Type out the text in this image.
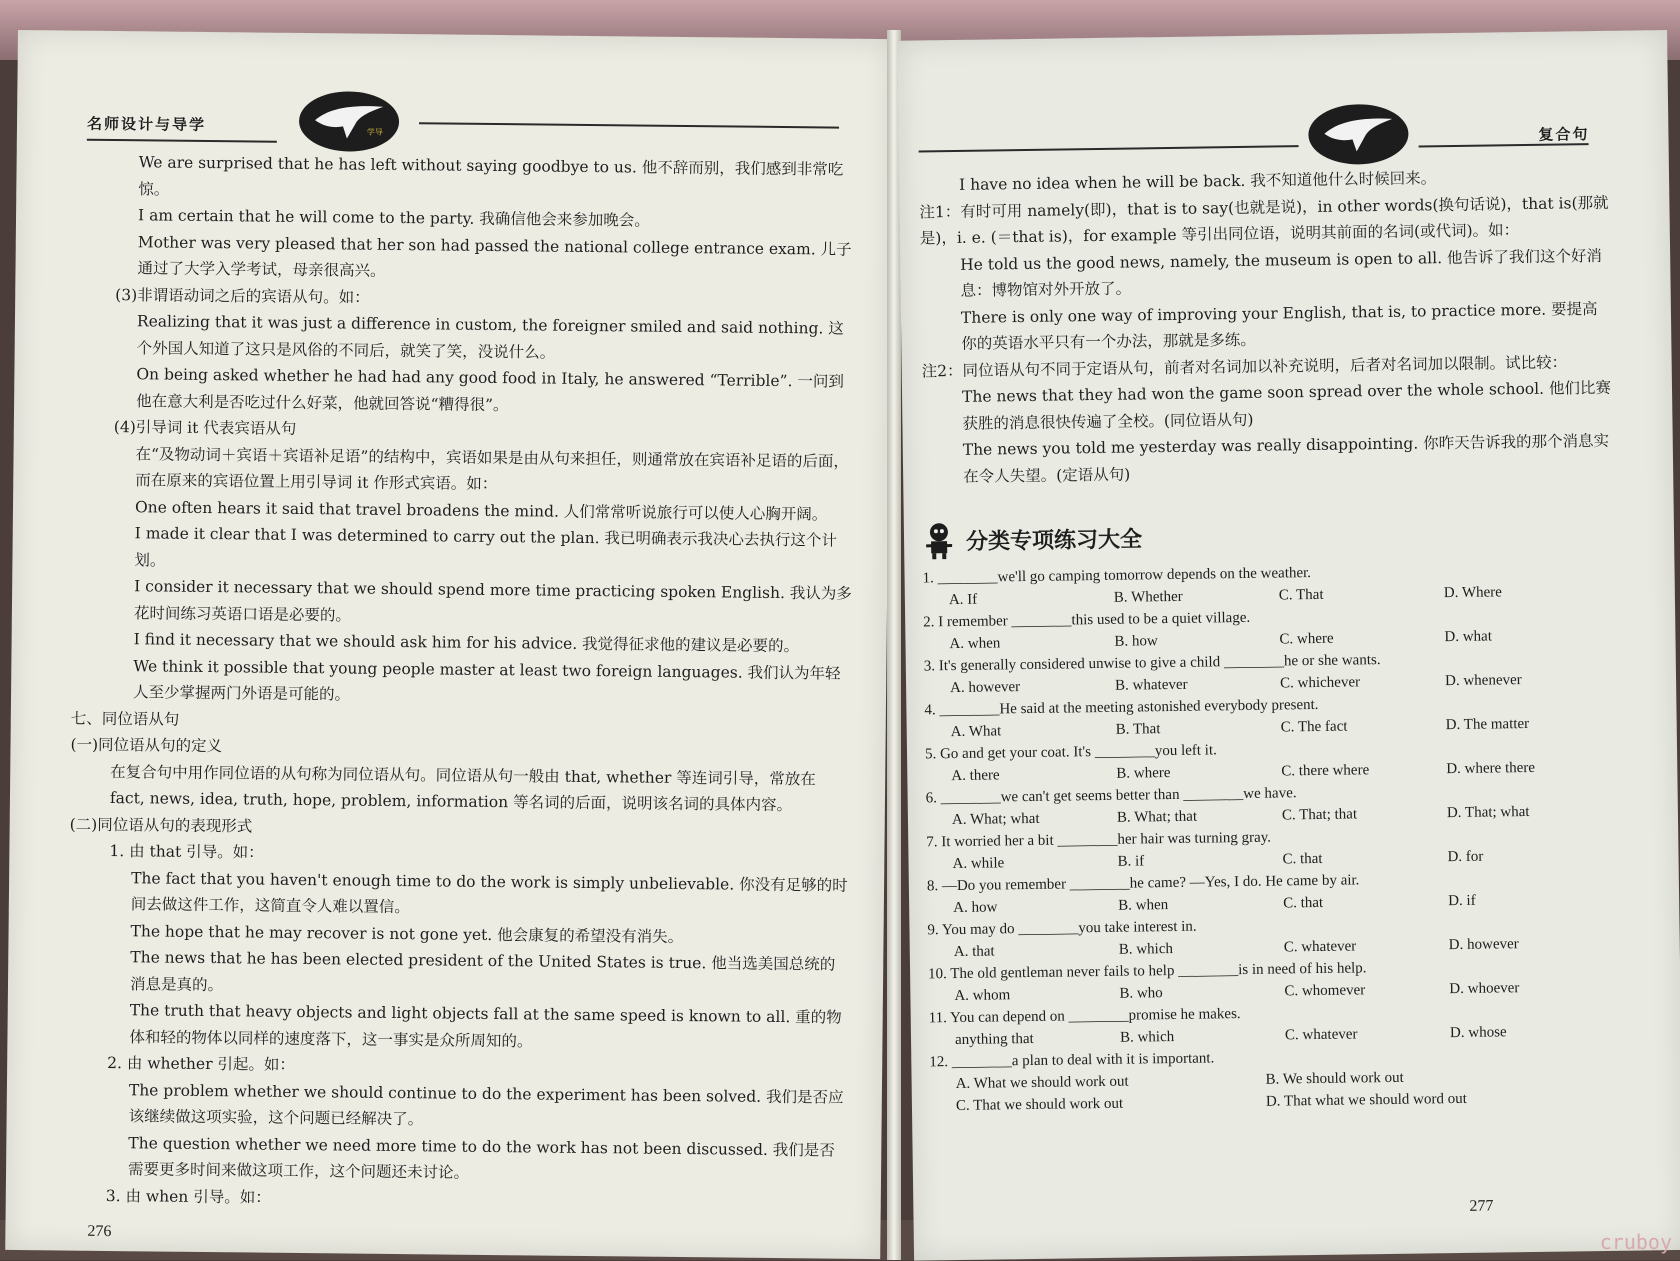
名师设计与导学	学导

We are surprised that he has left without saying goodbye to us. 他不辞而别，我们感到非常吃惊。

I am certain that he will come to the party. 我确信他会来参加晚会。

Mother was very pleased that her son had passed the national college entrance exam. 儿子通过了大学入学考试，母亲很高兴。

(3)非谓语动词之后的宾语从句。如：

Realizing that it was just a difference in custom, the foreigner smiled and said nothing. 这个外国人知道了这只是风俗的不同后，就笑了笑，没说什么。

On being asked whether he had had any good food in Italy, he answered “Terrible”. 一问到他在意大利是否吃过什么好菜，他就回答说“糟得很”。

(4)引导词 it 代表宾语从句

在“及物动词＋宾语＋宾语补足语”的结构中，宾语如果是由从句来担任，则通常放在宾语补足语的后面，而在原来的宾语位置上用引导词 it 作形式宾语。如：

One often hears it said that travel broadens the mind. 人们常常听说旅行可以使人心胸开阔。

I made it clear that I was determined to carry out the plan. 我已明确表示我决心去执行这个计划。

I consider it necessary that we should spend more time practicing spoken English. 我认为多花时间练习英语口语是必要的。

I find it necessary that we should ask him for his advice. 我觉得征求他的建议是必要的。

We think it possible that young people master at least two foreign languages. 我们认为年轻人至少掌握两门外语是可能的。

七、同位语从句

(一)同位语从句的定义

在复合句中用作同位语的从句称为同位语从句。同位语从句一般由 that, whether 等连词引导，常放在 fact, news, idea, truth, hope, problem, information 等名词的后面，说明该名词的具体内容。

(二)同位语从句的表现形式

1. 由 that 引导。如：

The fact that you haven't enough time to do the work is simply unbelievable. 你没有足够的时间去做这件工作，这简直令人难以置信。

The hope that he may recover is not gone yet. 他会康复的希望没有消失。

The news that he has been elected president of the United States is true. 他当选美国总统的消息是真的。

The truth that heavy objects and light objects fall at the same speed is known to all. 重的物体和轻的物体以同样的速度落下，这一事实是众所周知的。

2. 由 whether 引起。如：

The problem whether we should continue to do the experiment has been solved. 我们是否应该继续做这项实验，这个问题已经解决了。

The question whether we need more time to do the work has not been discussed. 我们是否需要更多时间来做这项工作，这个问题还未讨论。

3. 由 when 引导。如：

276
复合句

I have no idea when he will be back. 我不知道他什么时候回来。

注1：有时可用 namely(即)，that is to say(也就是说)，in other words(换句话说)，that is(那就是)，i. e. (＝that is)，for example 等引出同位语，说明其前面的名词(或代词)。如：

He told us the good news, namely, the museum is open to all. 他告诉了我们这个好消息：博物馆对外开放了。

There is only one way of improving your English, that is, to practice more. 要提高你的英语水平只有一个办法，那就是多练。

注2：同位语从句不同于定语从句，前者对名词加以补充说明，后者对名词加以限制。试比较：

The news that they had won the game soon spread over the whole school. 他们比赛获胜的消息很快传遍了全校。(同位语从句)

The news you told me yesterday was really disappointing. 你昨天告诉我的那个消息实在令人失望。(定语从句)

分类专项练习大全
1. ________we'll go camping tomorrow depends on the weather.
A. If	B. Whether	C. That	D. Where
2. I remember ________this used to be a quiet village.
A. when	B. how	C. where	D. what
3. It's generally considered unwise to give a child ________he or she wants.
A. however	B. whatever	C. whichever	D. whenever
4. ________He said at the meeting astonished everybody present.
A. What	B. That	C. The fact	D. The matter
5. Go and get your coat. It's ________you left it.
A. there	B. where	C. there where	D. where there
6. ________we can't get seems better than ________we have.
A. What; what	B. What; that	C. That; that	D. That; what
7. It worried her a bit ________her hair was turning gray.
A. while	B. if	C. that	D. for
8. —Do you remember ________he came? —Yes, I do. He came by air.
A. how	B. when	C. that	D. if
9. You may do ________you take interest in.
A. that	B. which	C. whatever	D. however
10. The old gentleman never fails to help ________is in need of his help.
A. whom	B. who	C. whomever	D. whoever
11. You can depend on ________promise he makes.
anything that	B. which	C. whatever	D. whose
12. ________a plan to deal with it is important.
A. What we should work out	B. We should work out
C. That we should work out	D. That what we should word out
277
cruboy
